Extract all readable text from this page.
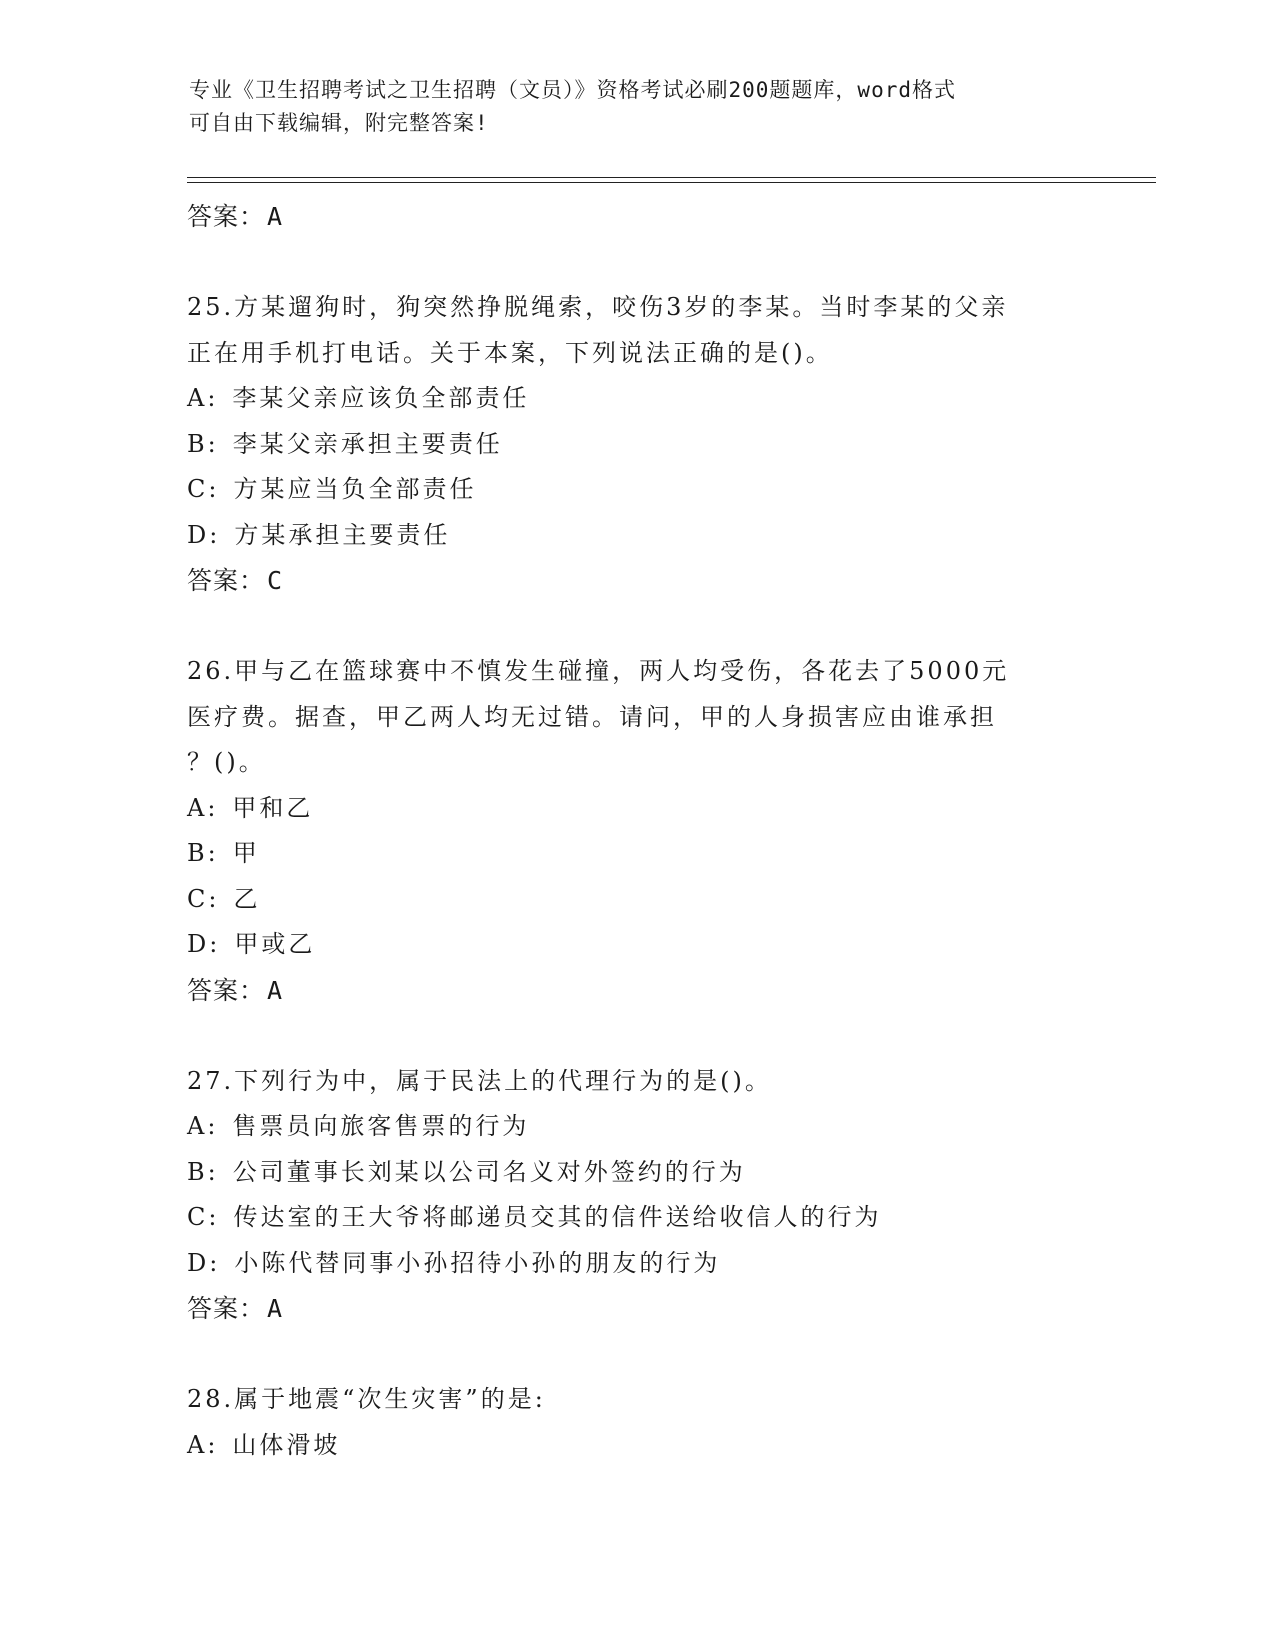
专业《卫生招聘考试之卫生招聘（文员）》资格考试必刷200题题库，word格式
可自由下载编辑，附完整答案!
答案：A
25.方某遛狗时，狗突然挣脱绳索，咬伤3岁的李某。当时李某的父亲
正在用手机打电话。关于本案，下列说法正确的是()。
A: 李某父亲应该负全部责任
B: 李某父亲承担主要责任
C: 方某应当负全部责任
D: 方某承担主要责任
答案：C
26.甲与乙在篮球赛中不慎发生碰撞，两人均受伤，各花去了5000元
医疗费。据查，甲乙两人均无过错。请问，甲的人身损害应由谁承担
？()。
A: 甲和乙
B: 甲
C: 乙
D: 甲或乙
答案：A
27.下列行为中，属于民法上的代理行为的是()。
A: 售票员向旅客售票的行为
B: 公司董事长刘某以公司名义对外签约的行为
C: 传达室的王大爷将邮递员交其的信件送给收信人的行为
D: 小陈代替同事小孙招待小孙的朋友的行为
答案：A
28.属于地震“次生灾害”的是:
A: 山体滑坡
